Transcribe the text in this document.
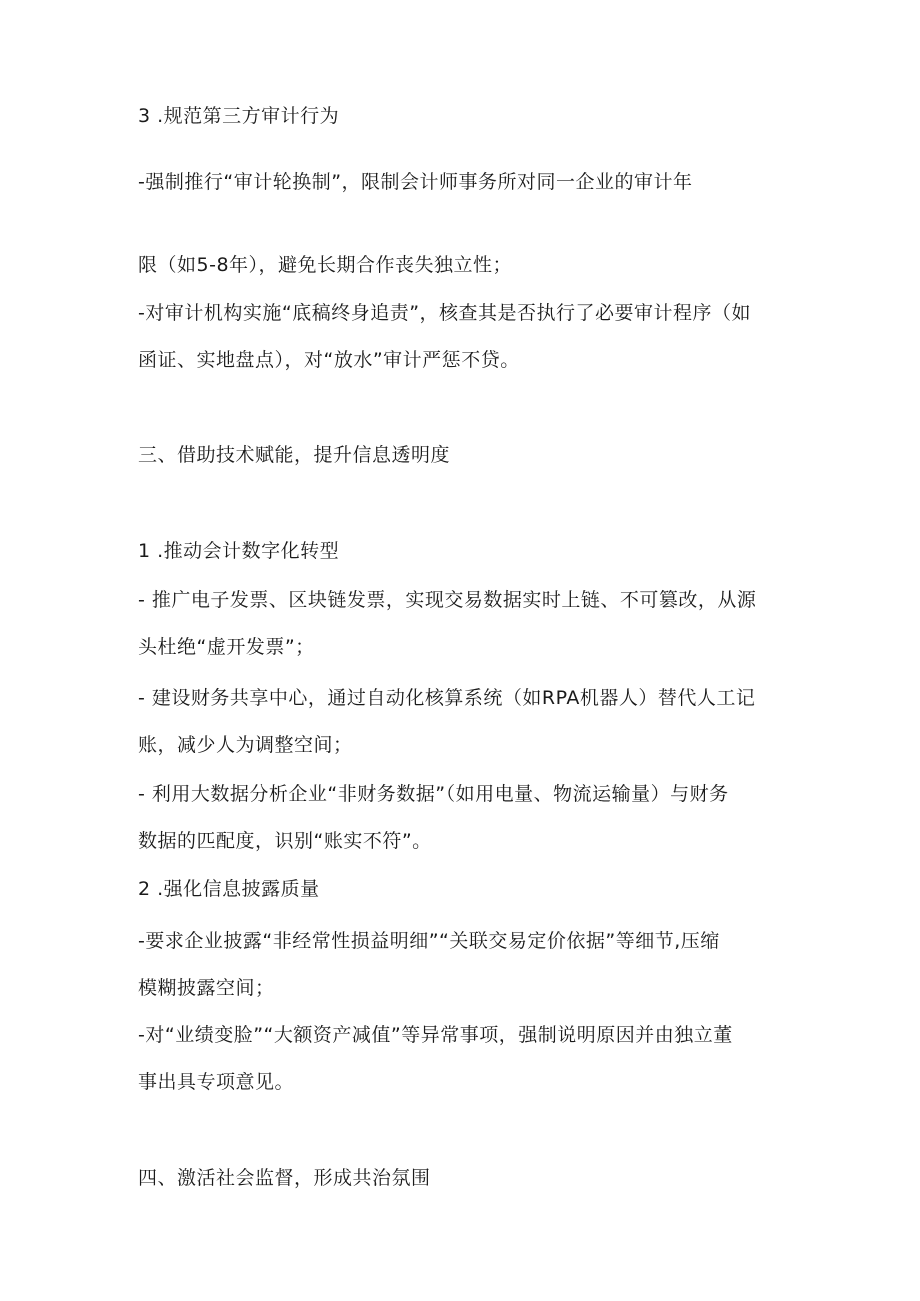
3 .规范第三方审计行为
-强制推行“审计轮换制”，限制会计师事务所对同一企业的审计年
限（如5-8年），避免长期合作丧失独立性；
-对审计机构实施“底稿终身追责”，核查其是否执行了必要审计程序（如
函证、实地盘点），对“放水”审计严惩不贷。
三、借助技术赋能，提升信息透明度
1 .推动会计数字化转型
- 推广电子发票、区块链发票，实现交易数据实时上链、不可篡改，从源
头杜绝“虚开发票”；
- 建设财务共享中心，通过自动化核算系统（如RPA机器人）替代人工记
账，减少人为调整空间；
- 利用大数据分析企业“非财务数据”（如用电量、物流运输量）与财务
数据的匹配度，识别“账实不符”。
2 .强化信息披露质量
-要求企业披露“非经常性损益明细”“关联交易定价依据”等细节,压缩
模糊披露空间；
-对“业绩变脸”“大额资产减值”等异常事项，强制说明原因并由独立董
事出具专项意见。
四、激活社会监督，形成共治氛围
